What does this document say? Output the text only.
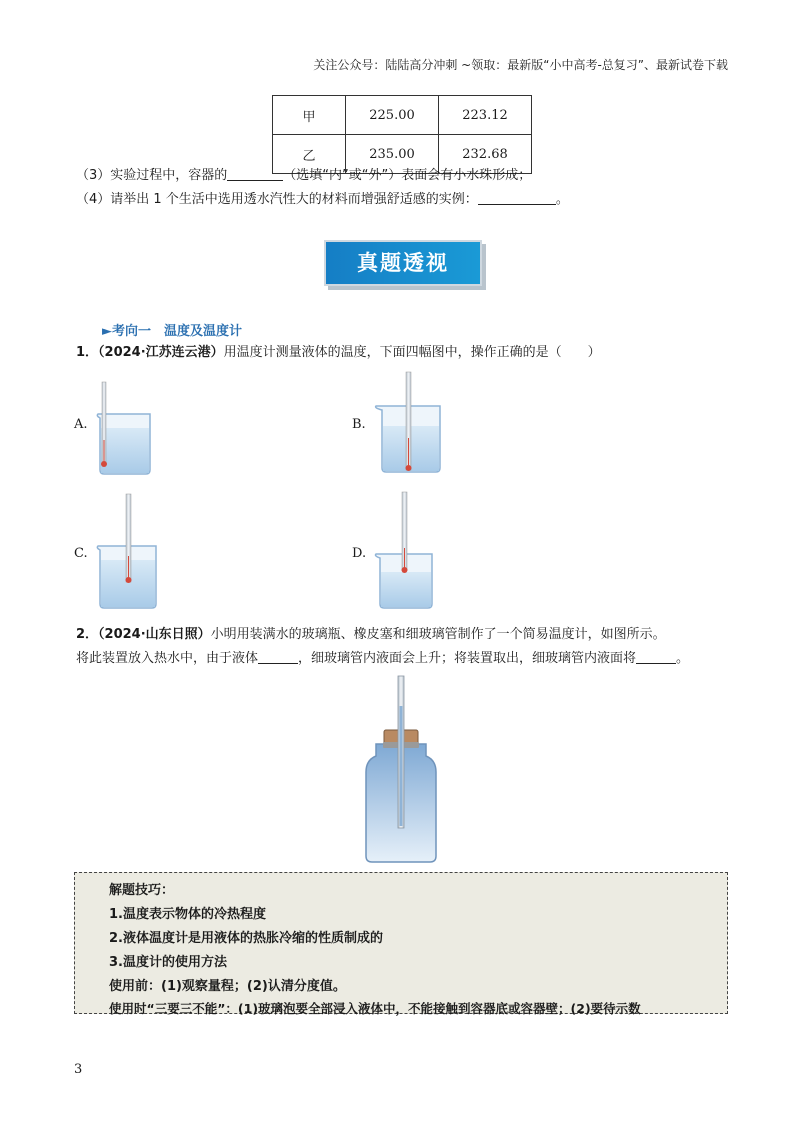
关注公众号：陆陆高分冲刺 ~领取：最新版“小中高考-总复习”、最新试卷下载
甲	225.00	223.12
乙	235.00	232.68
（3）实验过程中，容器的	（选填“内”或“外”）表面会有小水珠形成；
（4）请举出 1 个生活中选用透水汽性大的材料而增强舒适感的实例：	。
真题透视
►考向一　温度及温度计
1．（2024·江苏连云港）用温度计测量液体的温度，下面四幅图中，操作正确的是（　　）
A.	B.
C.	D.
2．（2024·山东日照）小明用装满水的玻璃瓶、橡皮塞和细玻璃管制作了一个简易温度计，如图所示。
将此装置放入热水中，由于液体	，细玻璃管内液面会上升；将装置取出，细玻璃管内液面将	。
解题技巧：
1.温度表示物体的冷热程度
2.液体温度计是用液体的热胀冷缩的性质制成的
3.温度计的使用方法
使用前：(1)观察量程；(2)认清分度值。
使用时“三要三不能”：(1)玻璃泡要全部浸入液体中，不能接触到容器底或容器壁；(2)要待示数
3
